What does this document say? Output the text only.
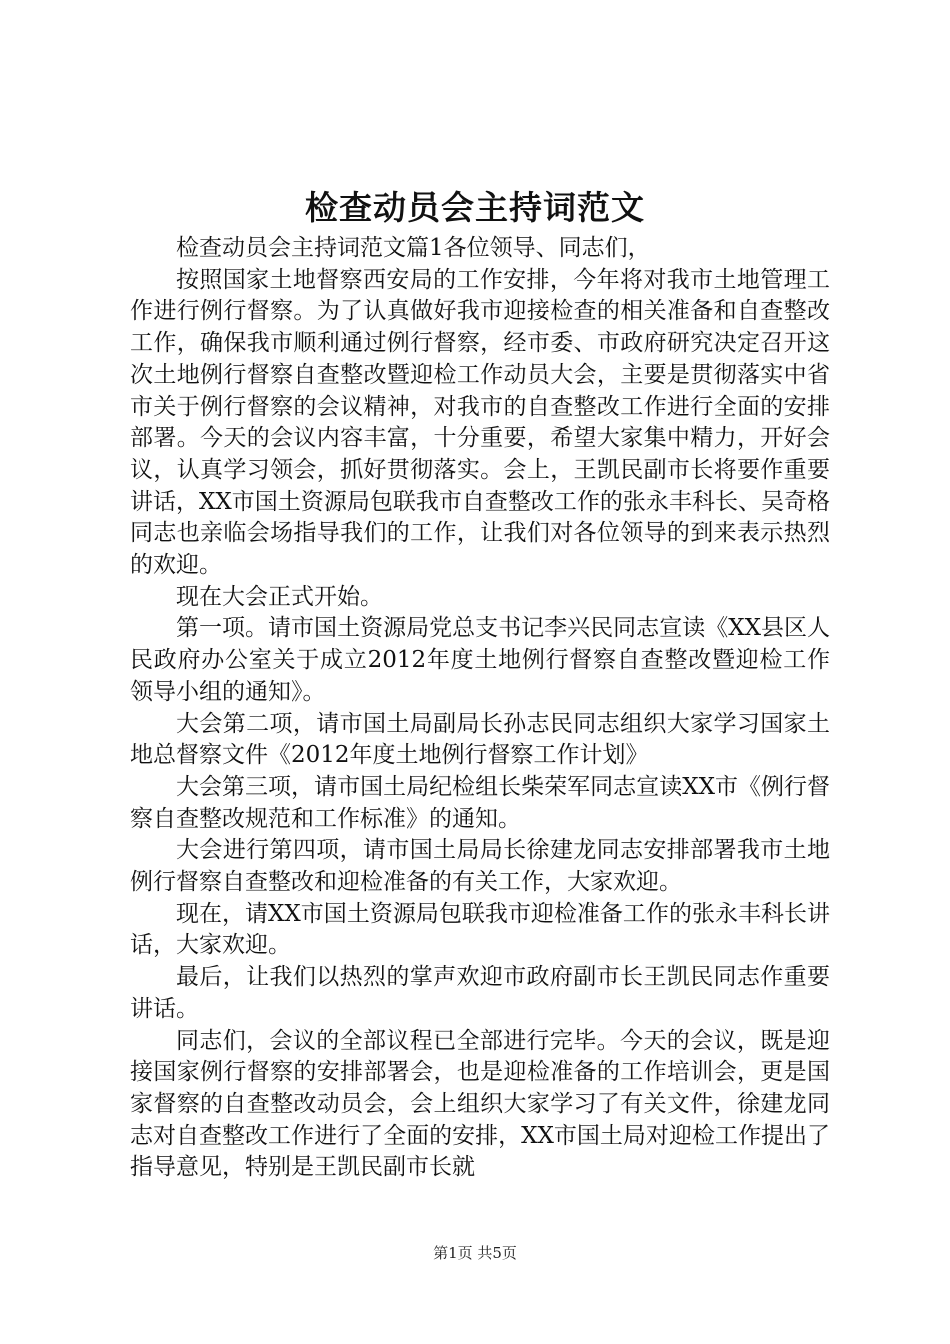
检查动员会主持词范文

检查动员会主持词范文篇1各位领导、同志们，

按照国家土地督察西安局的工作安排，今年将对我市土地管理工作进行例行督察。为了认真做好我市迎接检查的相关准备和自查整改工作，确保我市顺利通过例行督察，经市委、市政府研究决定召开这次土地例行督察自查整改暨迎检工作动员大会，主要是贯彻落实中省市关于例行督察的会议精神，对我市的自查整改工作进行全面的安排部署。今天的会议内容丰富，十分重要，希望大家集中精力，开好会议，认真学习领会，抓好贯彻落实。会上，王凯民副市长将要作重要讲话，XX市国土资源局包联我市自查整改工作的张永丰科长、吴奇格同志也亲临会场指导我们的工作，让我们对各位领导的到来表示热烈的欢迎。

现在大会正式开始。

第一项。请市国土资源局党总支书记李兴民同志宣读《XX县区人民政府办公室关于成立2012年度土地例行督察自查整改暨迎检工作领导小组的通知》。

大会第二项，请市国土局副局长孙志民同志组织大家学习国家土地总督察文件《2012年度土地例行督察工作计划》

大会第三项，请市国土局纪检组长柴荣军同志宣读XX市《例行督察自查整改规范和工作标准》的通知。

大会进行第四项，请市国土局局长徐建龙同志安排部署我市土地例行督察自查整改和迎检准备的有关工作，大家欢迎。

现在，请XX市国土资源局包联我市迎检准备工作的张永丰科长讲话，大家欢迎。

最后，让我们以热烈的掌声欢迎市政府副市长王凯民同志作重要讲话。

同志们，会议的全部议程已全部进行完毕。今天的会议，既是迎接国家例行督察的安排部署会，也是迎检准备的工作培训会，更是国家督察的自查整改动员会，会上组织大家学习了有关文件，徐建龙同志对自查整改工作进行了全面的安排，XX市国土局对迎检工作提出了指导意见，特别是王凯民副市长就

第1页 共5页
